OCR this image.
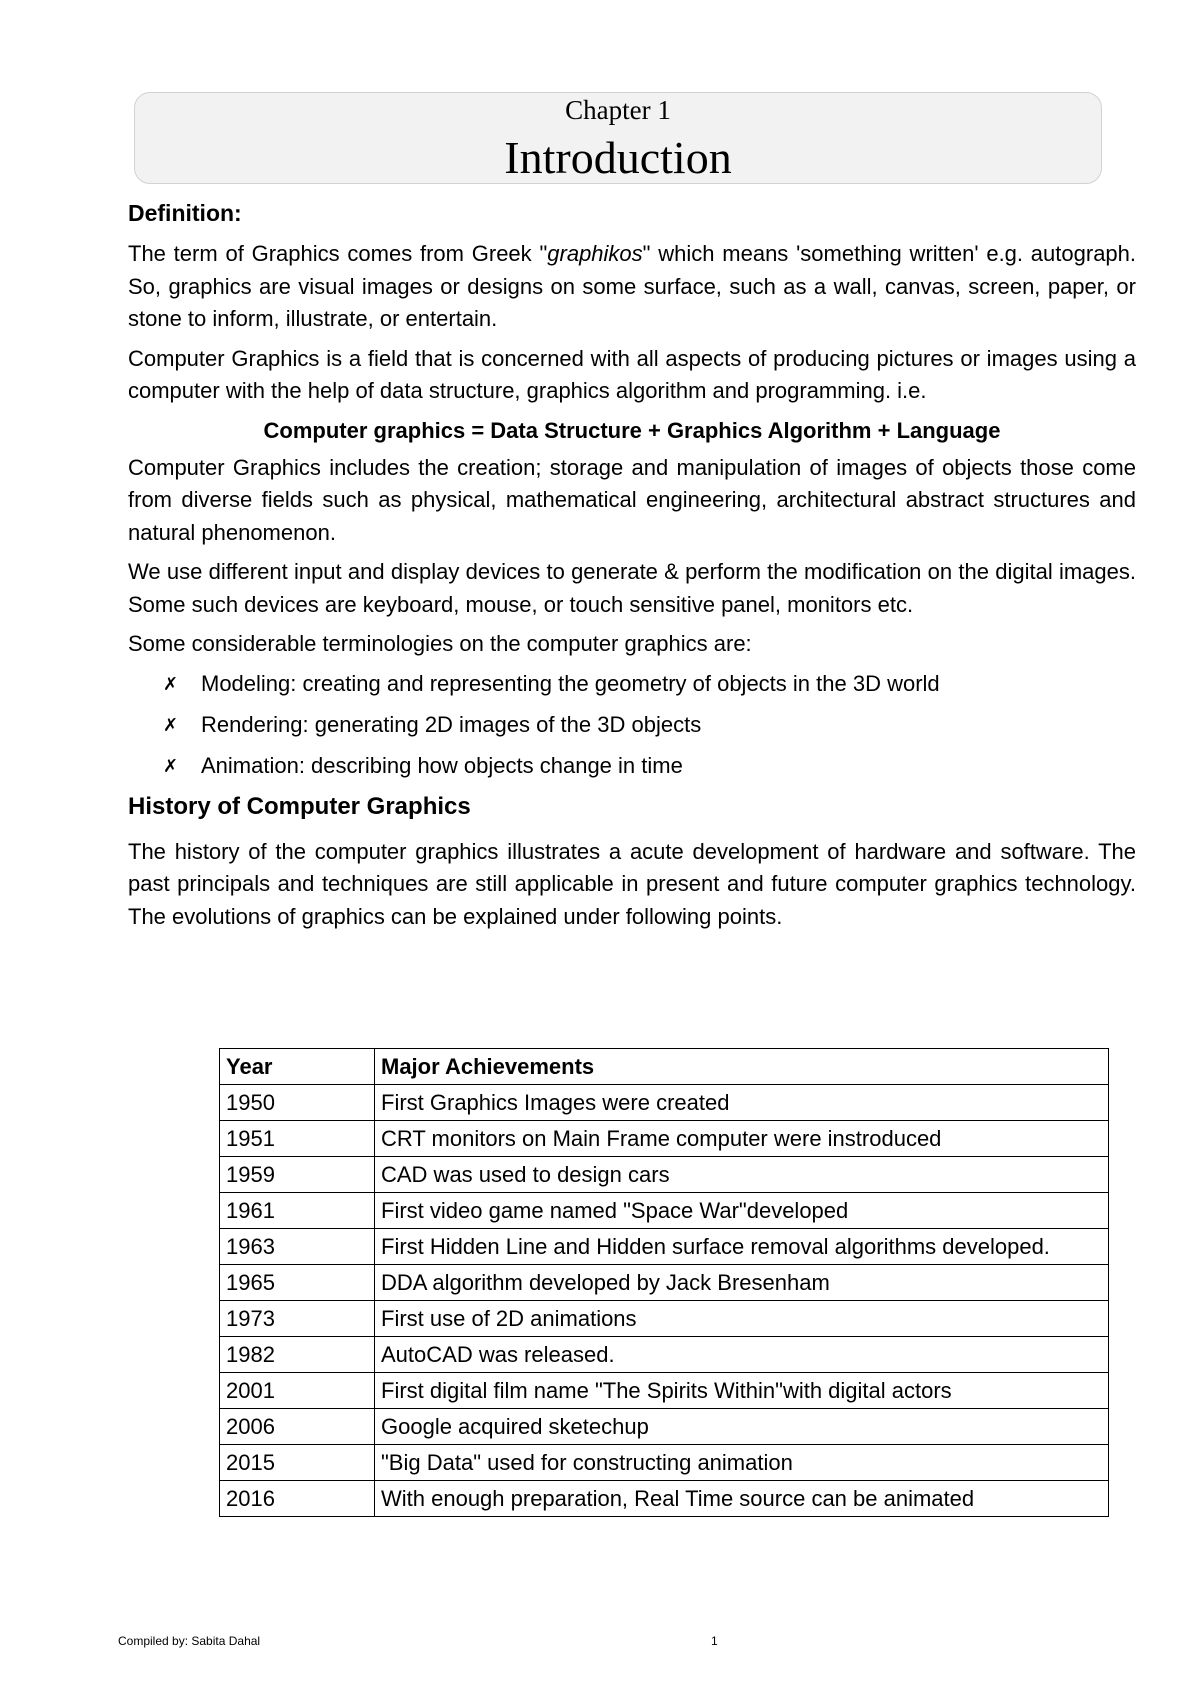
Chapter 1
Introduction
Definition:

The term of Graphics comes from Greek "graphikos" which means 'something written' e.g. autograph. So, graphics are visual images or designs on some surface, such as a wall, canvas, screen, paper, or stone to inform, illustrate, or entertain.

Computer Graphics is a field that is concerned with all aspects of producing pictures or images using a computer with the help of data structure, graphics algorithm and programming. i.e.

Computer graphics = Data Structure + Graphics Algorithm + Language

Computer Graphics includes the creation; storage and manipulation of images of objects those come from diverse fields such as physical, mathematical engineering, architectural abstract structures and natural phenomenon.

We use different input and display devices to generate & perform the modification on the digital images. Some such devices are keyboard, mouse, or touch sensitive panel, monitors etc.

Some considerable terminologies on the computer graphics are:

✗ Modeling: creating and representing the geometry of objects in the 3D world
✗ Rendering: generating 2D images of the 3D objects
✗ Animation: describing how objects change in time
History of Computer Graphics

The history of the computer graphics illustrates a acute development of hardware and software. The past principals and techniques are still applicable in present and future computer graphics technology. The evolutions of graphics can be explained under following points.

Year	Major Achievements
1950	First Graphics Images were created
1951	CRT monitors on Main Frame computer were instroduced
1959	CAD was used to design cars
1961	First video game named "Space War"developed
1963	First Hidden Line and Hidden surface removal algorithms developed.
1965	DDA algorithm developed by Jack Bresenham
1973	First use of 2D animations
1982	AutoCAD was released.
2001	First digital film name "The Spirits Within"with digital actors
2006	Google acquired sketechup
2015	"Big Data" used for constructing animation
2016	With enough preparation, Real Time source can be animated
Compiled by: Sabita Dahal	1
